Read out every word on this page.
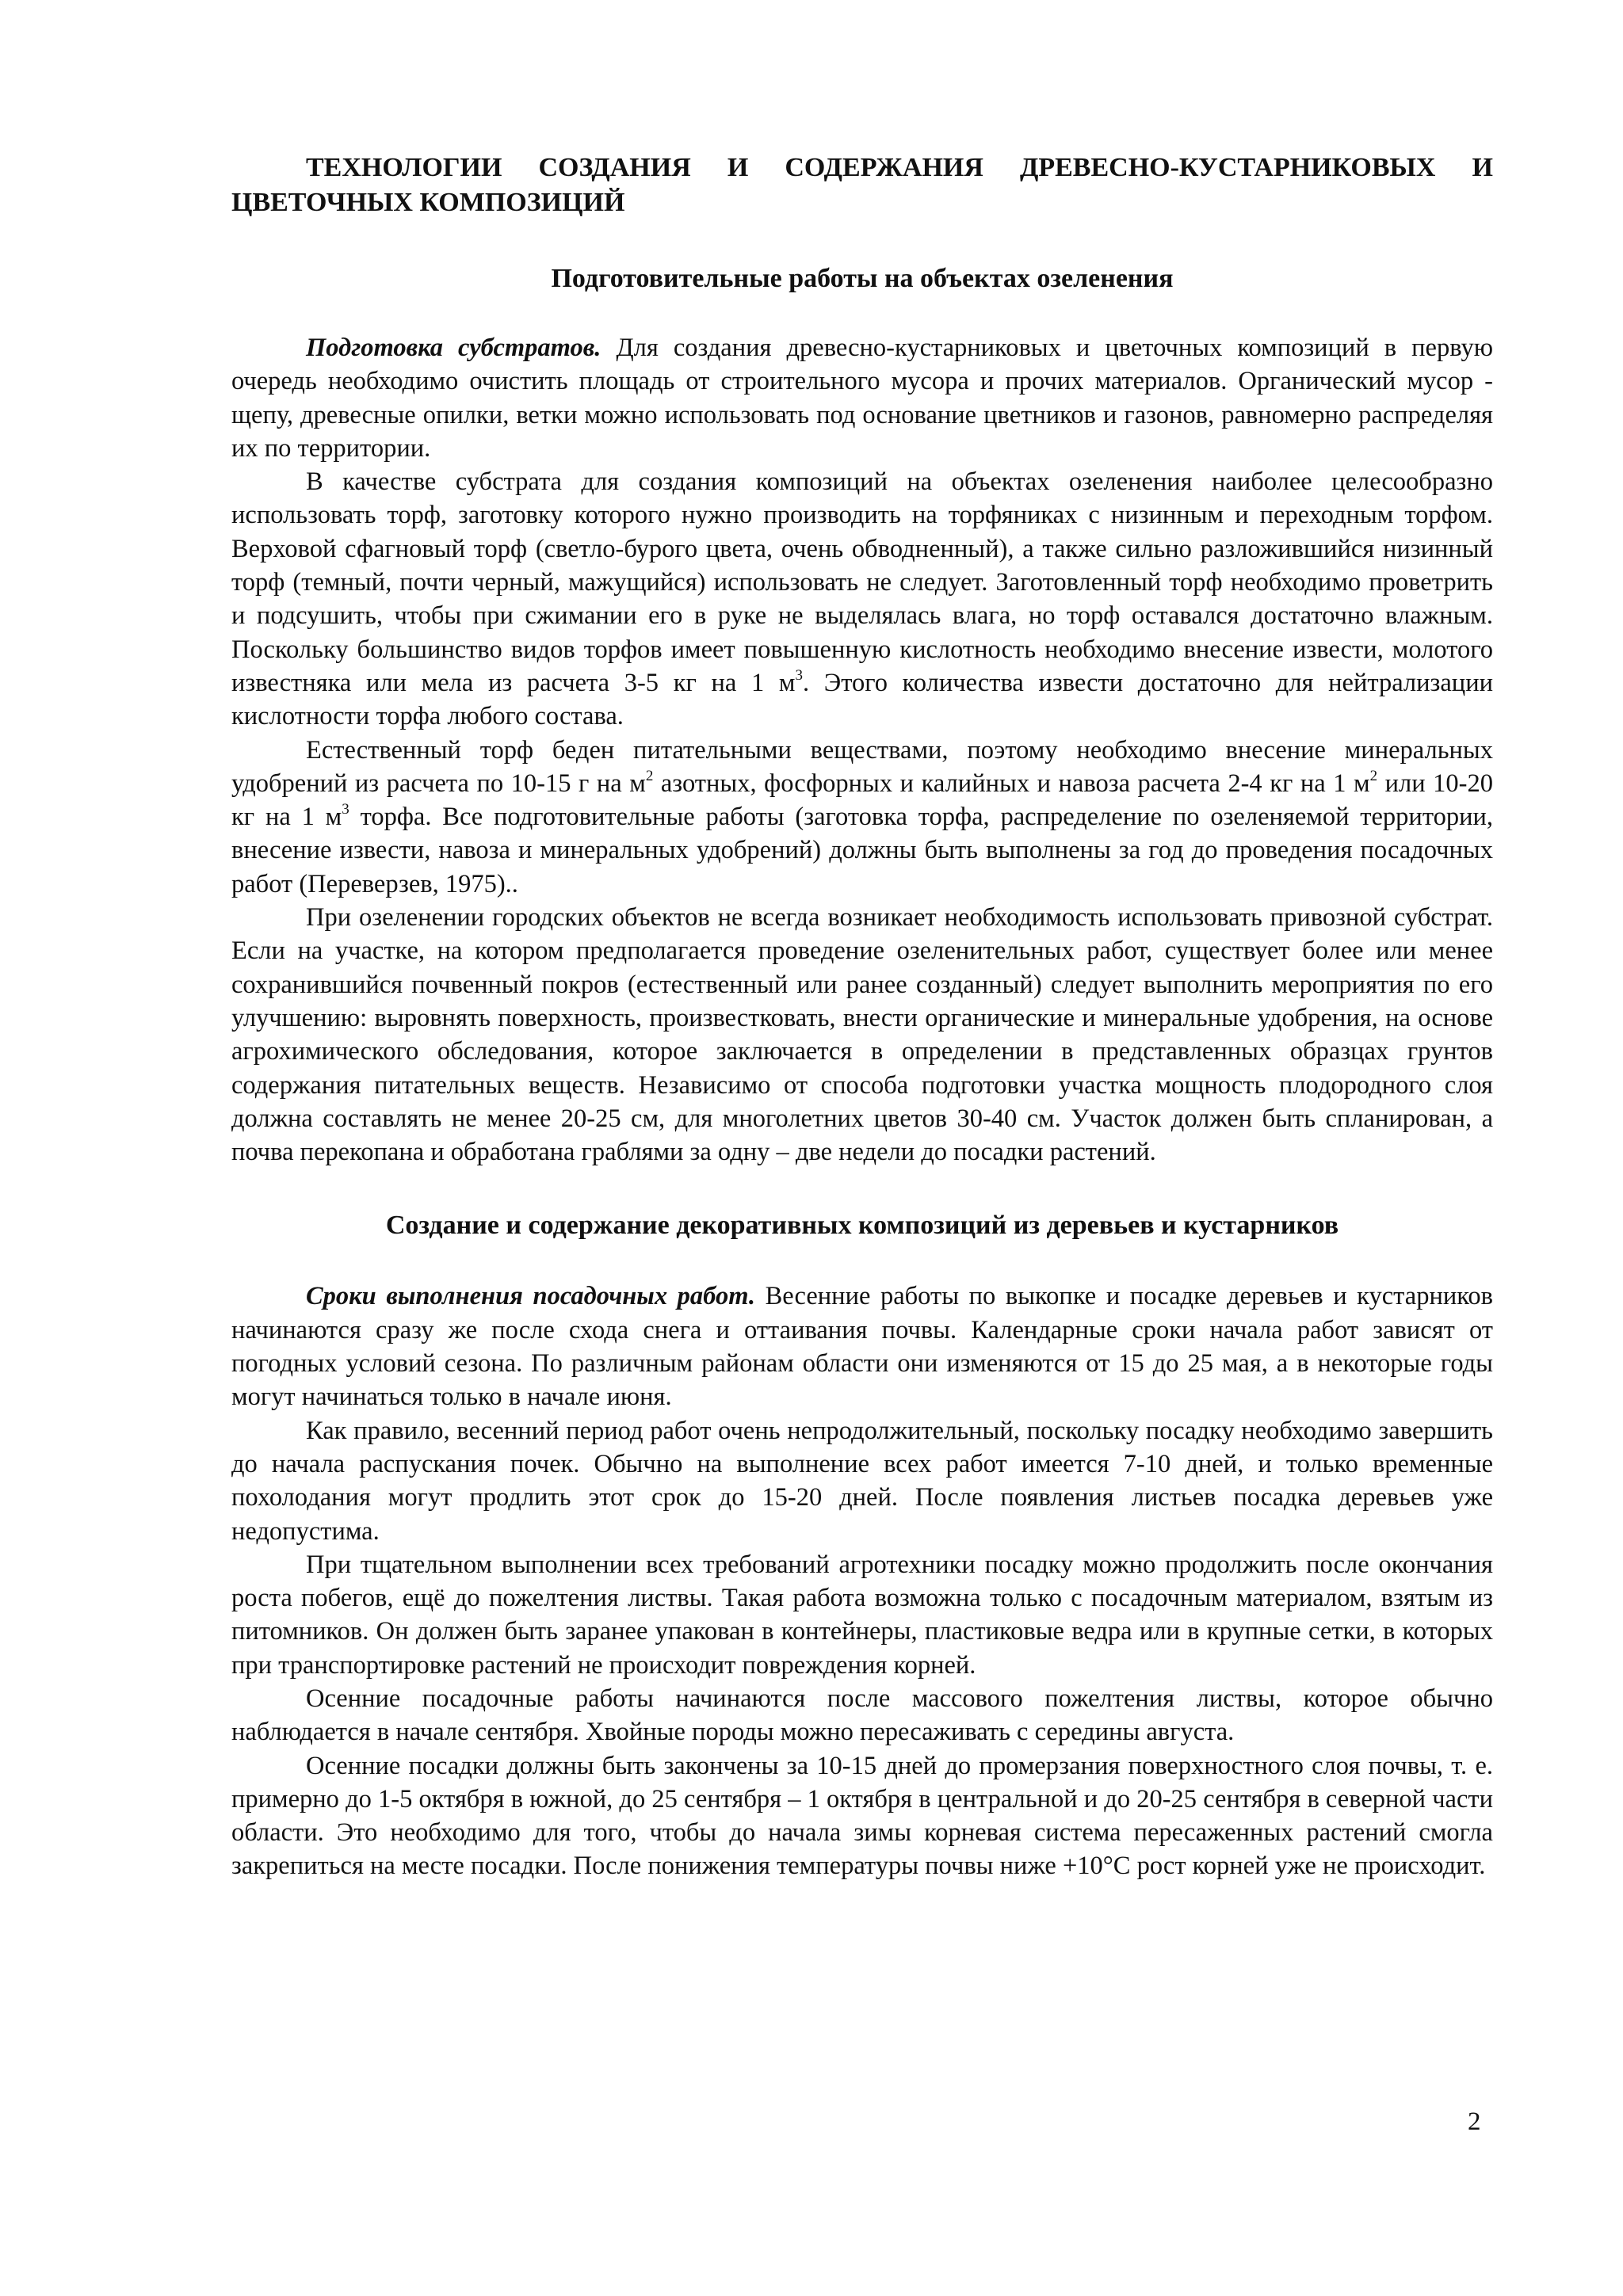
ТЕХНОЛОГИИ СОЗДАНИЯ И СОДЕРЖАНИЯ ДРЕВЕСНО-КУСТАРНИКОВЫХ И ЦВЕТОЧНЫХ КОМПОЗИЦИЙ
Подготовительные работы на объектах озеленения

Подготовка субстратов. Для создания древесно-кустарниковых и цветочных композиций в первую очередь необходимо очистить площадь от строительного мусора и прочих материалов. Органический мусор - щепу, древесные опилки, ветки можно использовать под основание цветников и газонов, равномерно распределяя их по территории.

В качестве субстрата для создания композиций на объектах озеленения наиболее целесообразно использовать торф, заготовку которого нужно производить на торфяниках с низинным и переходным торфом. Верховой сфагновый торф (светло-бурого цвета, очень обводненный), а также сильно разложившийся низинный торф (темный, почти черный, мажущийся) использовать не следует. Заготовленный торф необходимо проветрить и подсушить, чтобы при сжимании его в руке не выделялась влага, но торф оставался достаточно влажным. Поскольку большинство видов торфов имеет повышенную кислотность необходимо внесение извести, молотого известняка или мела из расчета 3-5 кг на 1 $м^3$. Этого количества извести достаточно для нейтрализации кислотности торфа любого состава.

Естественный торф беден питательными веществами, поэтому необходимо внесение минеральных удобрений из расчета по 10-15 г на $м^2$ азотных, фосфорных и калийных и навоза расчета 2-4 кг на 1 $м^2$ или 10-20 кг на 1 $м^3$ торфа. Все подготовительные работы (заготовка торфа, распределение по озеленяемой территории, внесение извести, навоза и минеральных удобрений) должны быть выполнены за год до проведения посадочных работ (Переверзев, 1975)..

При озеленении городских объектов не всегда возникает необходимость использовать привозной субстрат. Если на участке, на котором предполагается проведение озеленительных работ, существует более или менее сохранившийся почвенный покров (естественный или ранее созданный) следует выполнить мероприятия по его улучшению: выровнять поверхность, произвестковать, внести органические и минеральные удобрения, на основе агрохимического обследования, которое заключается в определении в представленных образцах грунтов содержания питательных веществ. Независимо от способа подготовки участка мощность плодородного слоя должна составлять не менее 20-25 см, для многолетних цветов 30-40 см. Участок должен быть спланирован, а почва перекопана и обработана граблями за одну – две недели до посадки растений.

Создание и содержание декоративных композиций из деревьев и кустарников

Сроки выполнения посадочных работ. Весенние работы по выкопке и посадке деревьев и кустарников начинаются сразу же после схода снега и оттаивания почвы. Календарные сроки начала работ зависят от погодных условий сезона. По различным районам области они изменяются от 15 до 25 мая, а в некоторые годы могут начинаться только в начале июня.

Как правило, весенний период работ очень непродолжительный, поскольку посадку необходимо завершить до начала распускания почек. Обычно на выполнение всех работ имеется 7-10 дней, и только временные похолодания могут продлить этот срок до 15-20 дней. После появления листьев посадка деревьев уже недопустима.

При тщательном выполнении всех требований агротехники посадку можно продолжить после окончания роста побегов, ещё до пожелтения листвы. Такая работа возможна только с посадочным материалом, взятым из питомников. Он должен быть заранее упакован в контейнеры, пластиковые ведра или в крупные сетки, в которых при транспортировке растений не происходит повреждения корней.

Осенние посадочные работы начинаются после массового пожелтения листвы, которое обычно наблюдается в начале сентября. Хвойные породы можно пересаживать с середины августа.

Осенние посадки должны быть закончены за 10-15 дней до промерзания поверхностного слоя почвы, т. е. примерно до 1-5 октября в южной, до 25 сентября – 1 октября в центральной и до 20-25 сентября в северной части области. Это необходимо для того, чтобы до начала зимы корневая система пересаженных растений смогла закрепиться на месте посадки. После понижения температуры почвы ниже +10°С рост корней уже не происходит.

2
